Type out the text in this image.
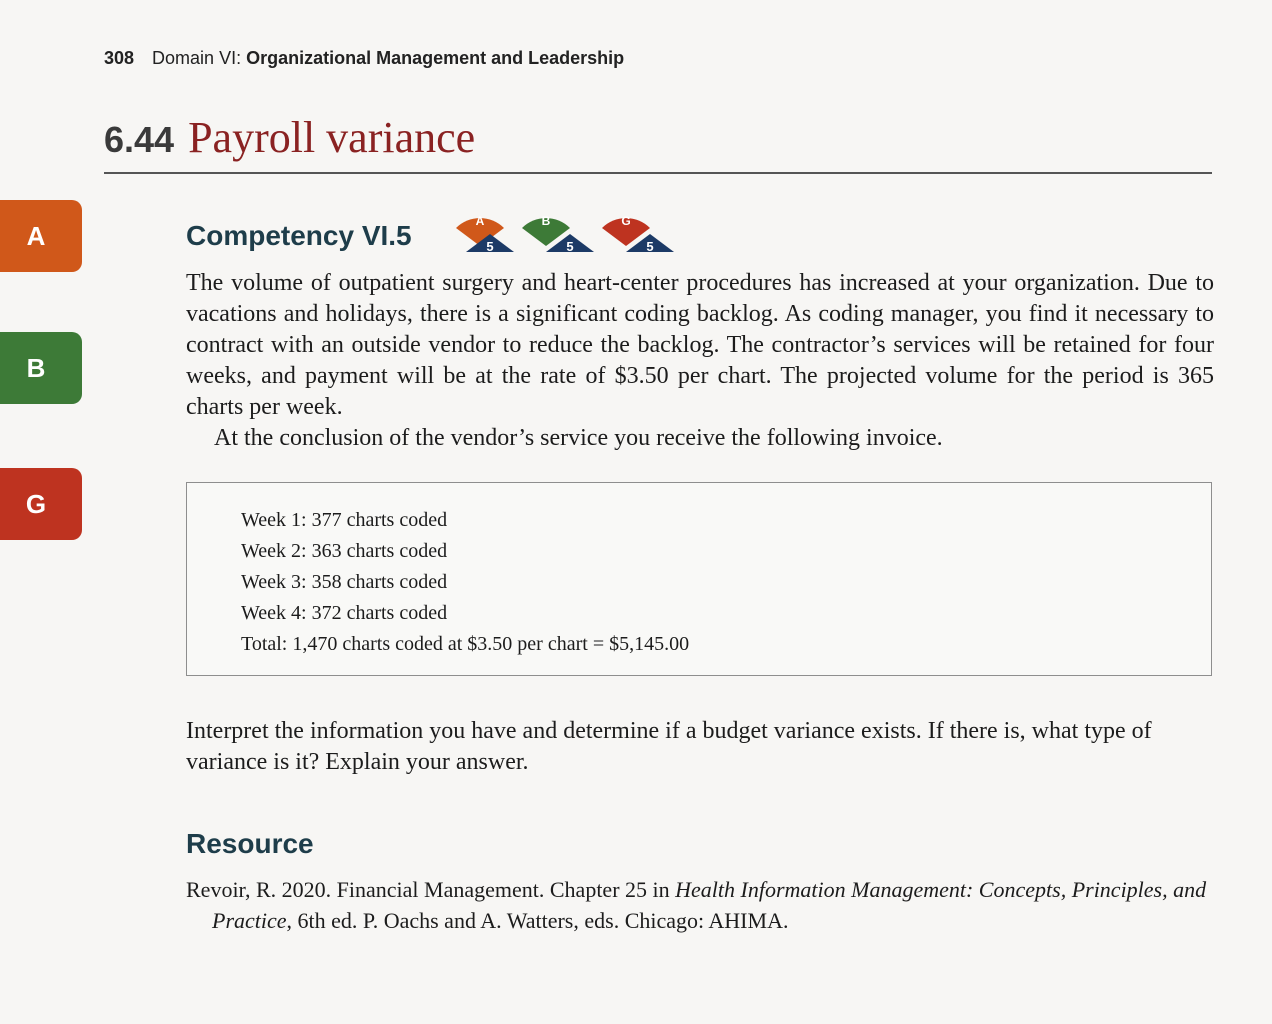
308 Domain VI: Organizational Management and Leadership
6.44 Payroll variance
A
B
G
Competency VI.5	A
5
B
5
G
5

The volume of outpatient surgery and heart-center procedures has increased at your organization. Due to vacations and holidays, there is a significant coding backlog. As coding manager, you find it necessary to contract with an outside vendor to reduce the backlog. The contractor’s services will be retained for four weeks, and payment will be at the rate of $3.50 per chart. The projected volume for the period is 365 charts per week.

At the conclusion of the vendor’s service you receive the following invoice.

Week 1: 377 charts coded
Week 2: 363 charts coded
Week 3: 358 charts coded
Week 4: 372 charts coded
Total: 1,470 charts coded at $3.50 per chart = $5,145.00
Interpret the information you have and determine if a budget variance exists. If there is, what type of variance is it? Explain your answer.
Resource
Revoir, R. 2020. Financial Management. Chapter 25 in Health Information Management: Concepts, Principles, and Practice, 6th ed. P. Oachs and A. Watters, eds. Chicago: AHIMA.
